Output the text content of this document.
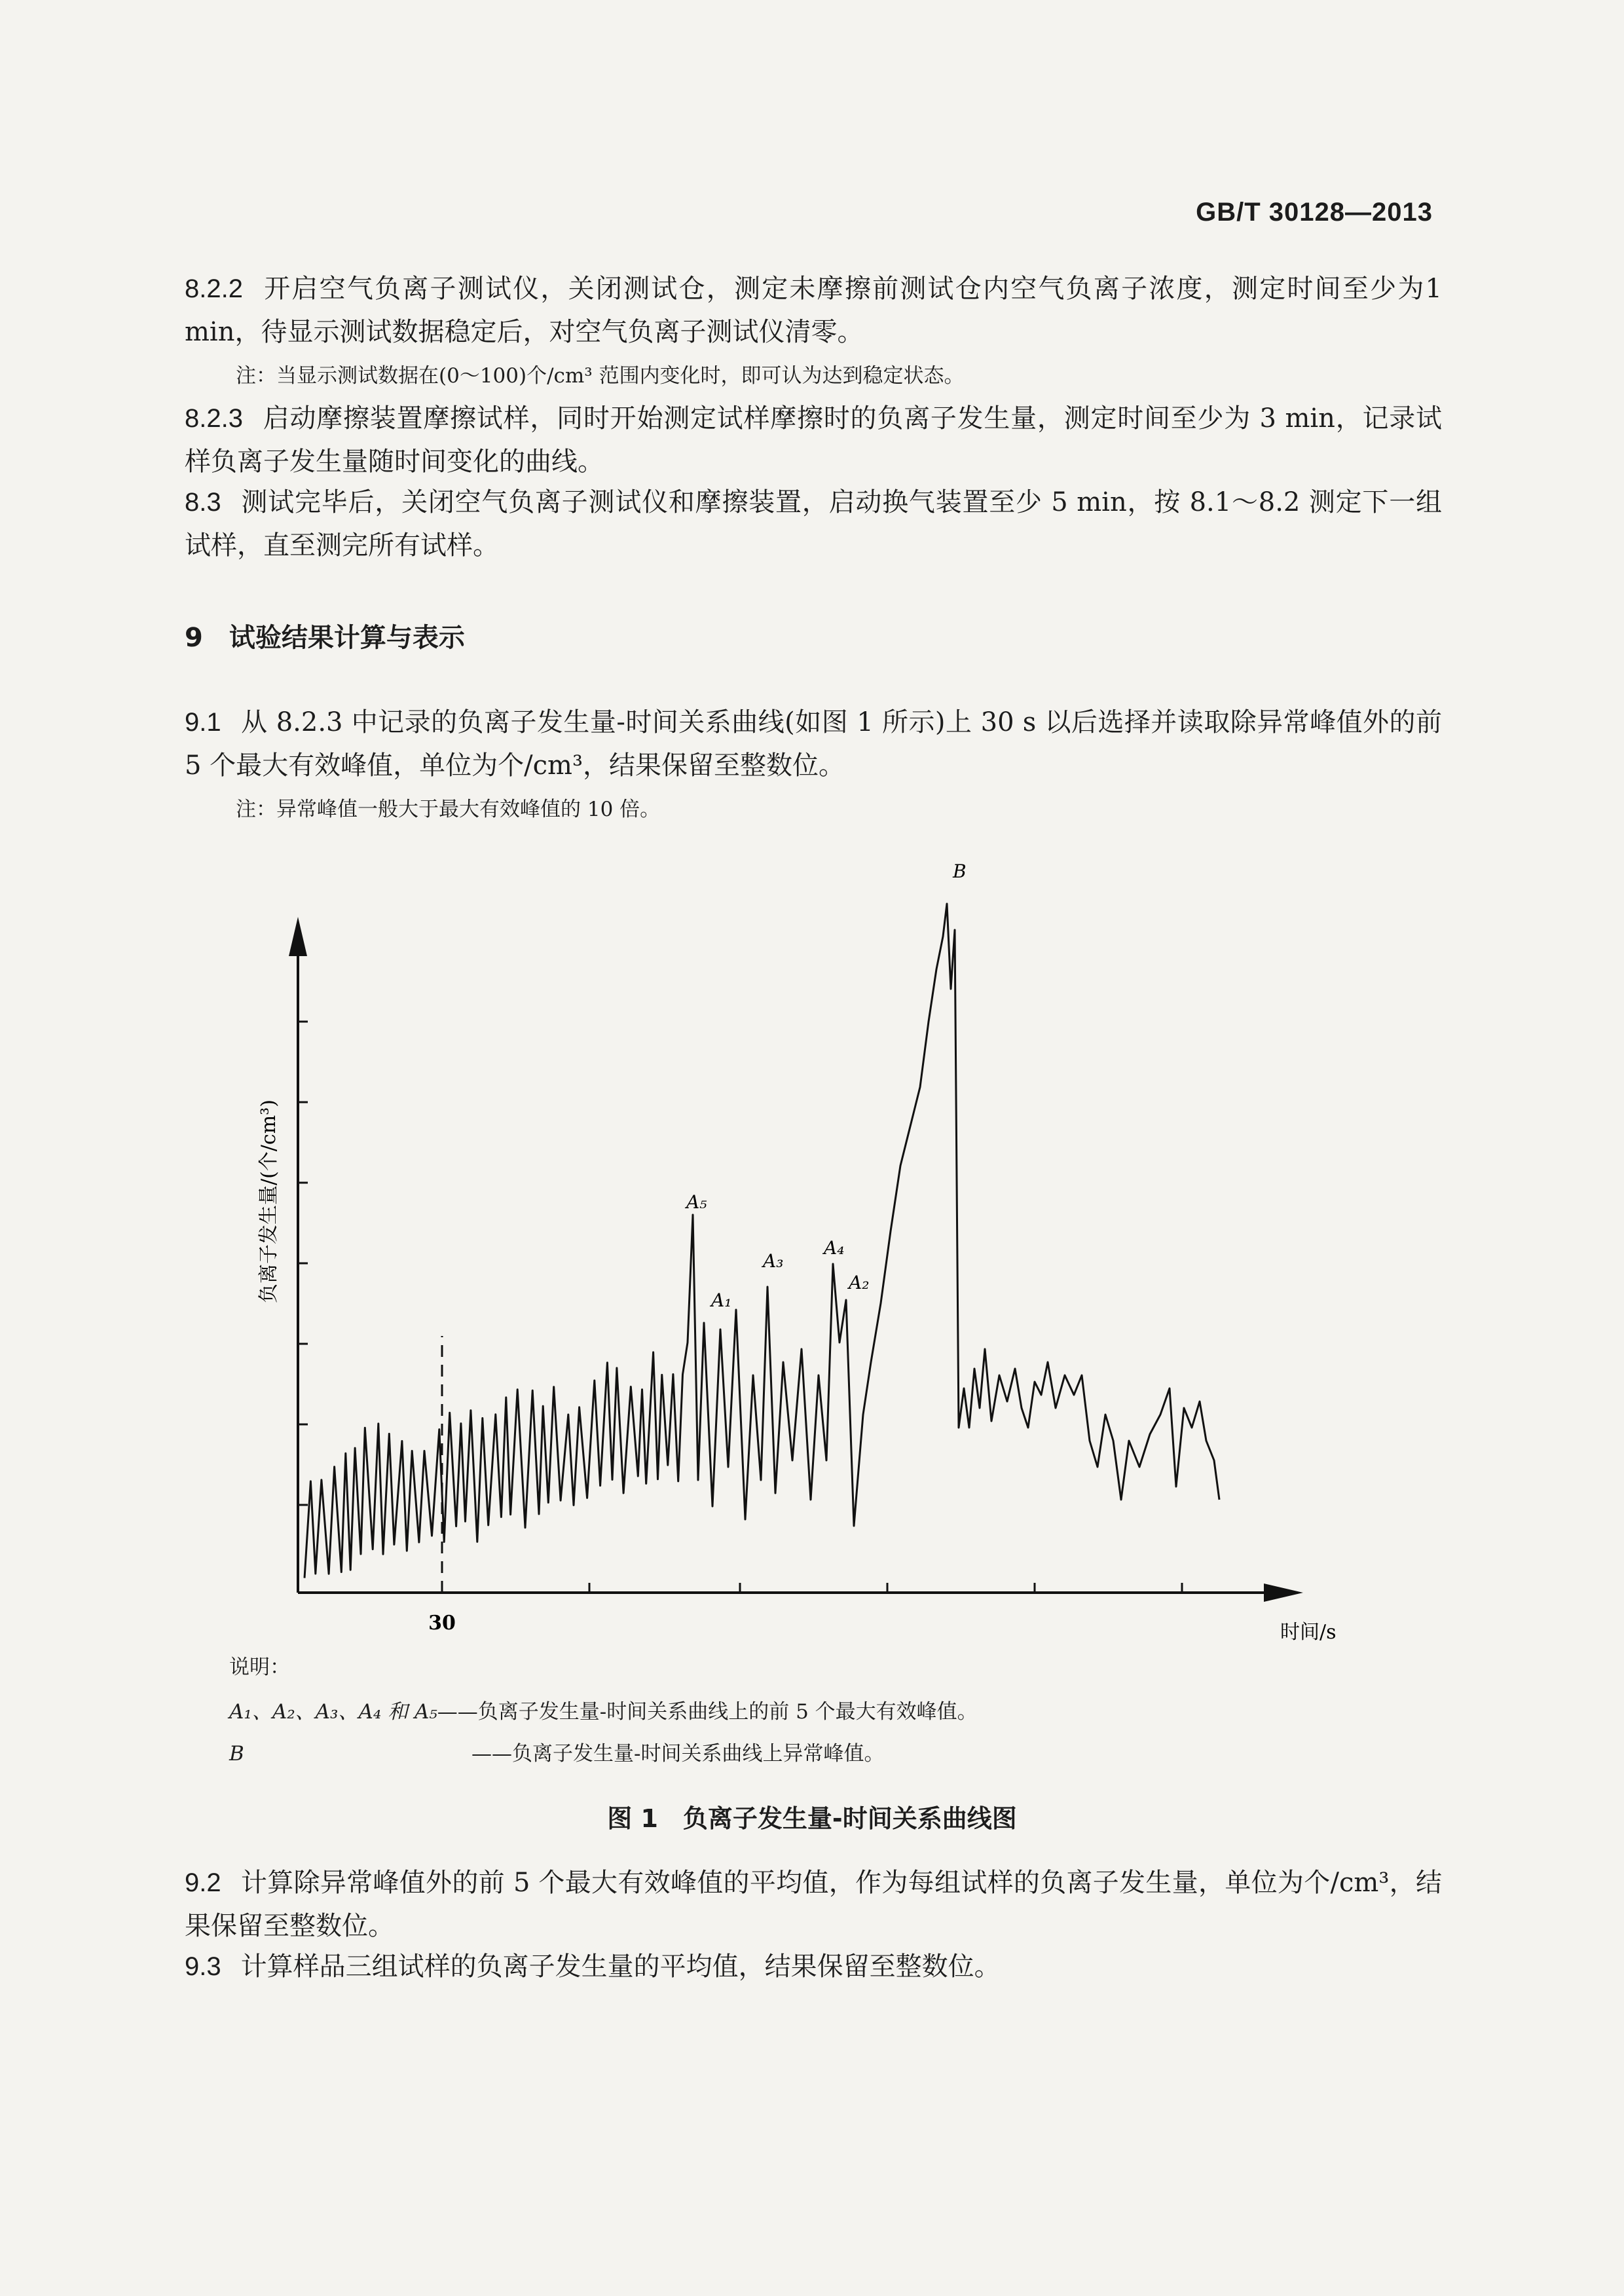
GB/T 30128—2013
8.2.2 开启空气负离子测试仪，关闭测试仓，测定未摩擦前测试仓内空气负离子浓度，测定时间至少为1 min，待显示测试数据稳定后，对空气负离子测试仪清零。
注：当显示测试数据在(0～100)个/cm³ 范围内变化时，即可认为达到稳定状态。
8.2.3 启动摩擦装置摩擦试样，同时开始测定试样摩擦时的负离子发生量，测定时间至少为 3 min，记录试样负离子发生量随时间变化的曲线。
8.3 测试完毕后，关闭空气负离子测试仪和摩擦装置，启动换气装置至少 5 min，按 8.1～8.2 测定下一组试样，直至测完所有试样。
9 试验结果计算与表示
9.1 从 8.2.3 中记录的负离子发生量-时间关系曲线(如图 1 所示)上 30 s 以后选择并读取除异常峰值外的前 5 个最大有效峰值，单位为个/cm³，结果保留至整数位。
注：异常峰值一般大于最大有效峰值的 10 倍。
30	时间/s
负离子发生量/(个/cm³)	A₅
A₁
A₃
A₄
A₂
B
说明：
A₁、A₂、A₃、A₄ 和 A₅——负离子发生量-时间关系曲线上的前 5 个最大有效峰值。
B	——负离子发生量-时间关系曲线上异常峰值。
图 1　负离子发生量-时间关系曲线图
9.2 计算除异常峰值外的前 5 个最大有效峰值的平均值，作为每组试样的负离子发生量，单位为个/cm³，结果保留至整数位。
9.3 计算样品三组试样的负离子发生量的平均值，结果保留至整数位。
